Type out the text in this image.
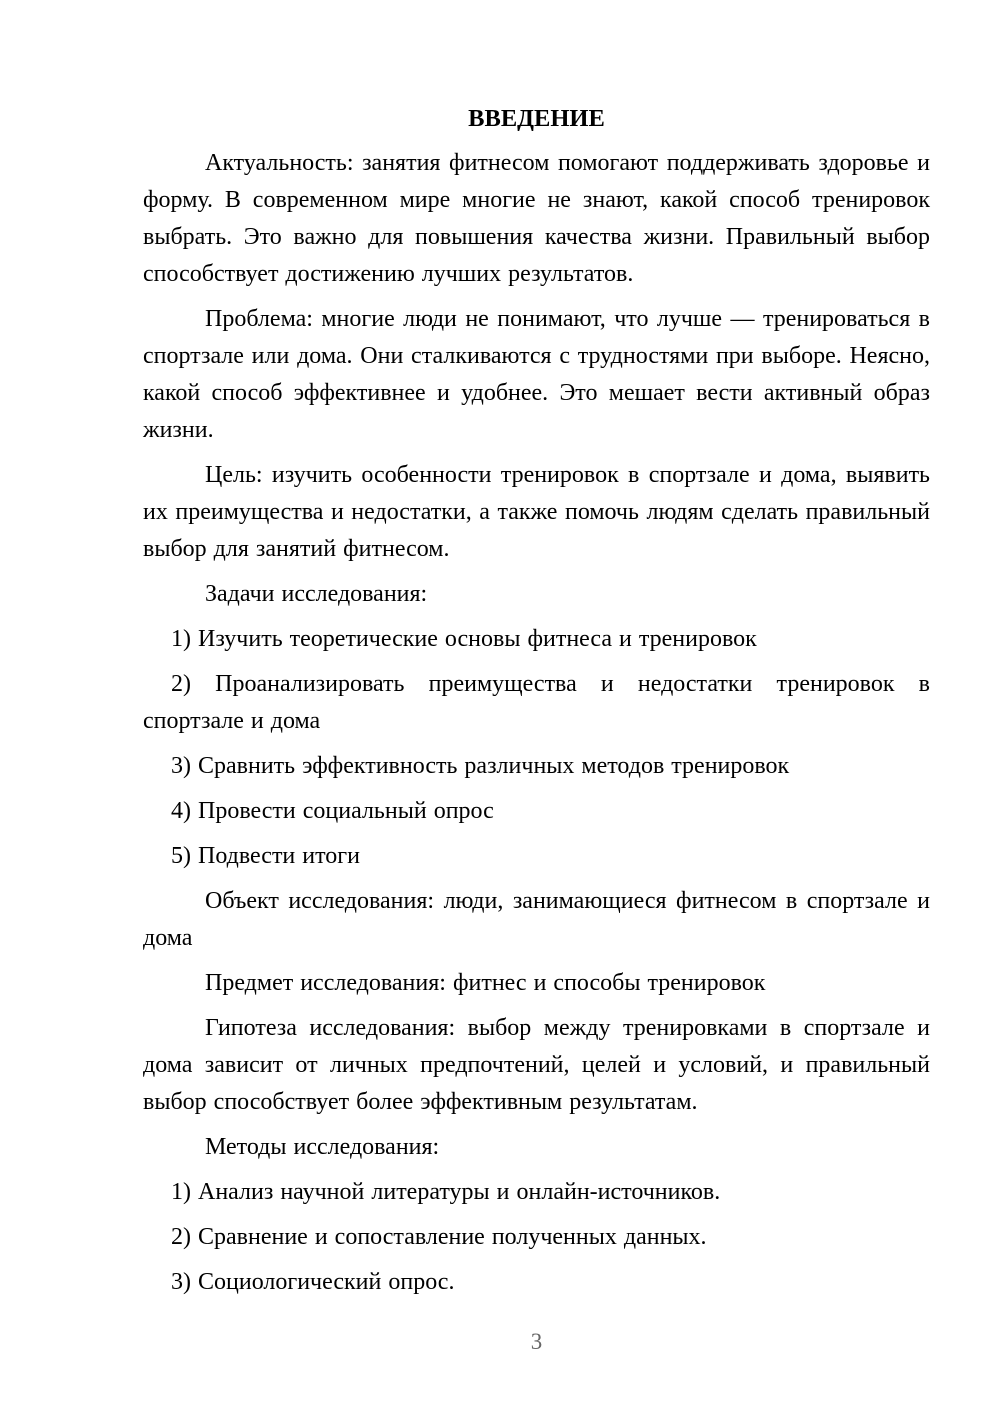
ВВЕДЕНИЕ

Актуальность: занятия фитнесом помогают поддерживать здоровье и форму. В современном мире многие не знают, какой способ тренировок выбрать. Это важно для повышения качества жизни. Правильный выбор способствует достижению лучших результатов.

Проблема: многие люди не понимают, что лучше — тренироваться в спортзале или дома. Они сталкиваются с трудностями при выборе. Неясно, какой способ эффективнее и удобнее. Это мешает вести активный образ жизни.

Цель: изучить особенности тренировок в спортзале и дома, выявить их преимущества и недостатки, а также помочь людям сделать правильный выбор для занятий фитнесом.

Задачи исследования:

1) Изучить теоретические основы фитнеса и тренировок

2) Проанализировать преимущества и недостатки тренировок в спортзале и дома

3) Сравнить эффективность различных методов тренировок

4) Провести социальный опрос

5) Подвести итоги

Объект исследования: люди, занимающиеся фитнесом в спортзале и дома

Предмет исследования: фитнес и способы тренировок

Гипотеза исследования: выбор между тренировками в спортзале и дома зависит от личных предпочтений, целей и условий, и правильный выбор способствует более эффективным результатам.

Методы исследования:

1) Анализ научной литературы и онлайн-источников.

2) Сравнение и сопоставление полученных данных.

3) Социологический опрос.

3
